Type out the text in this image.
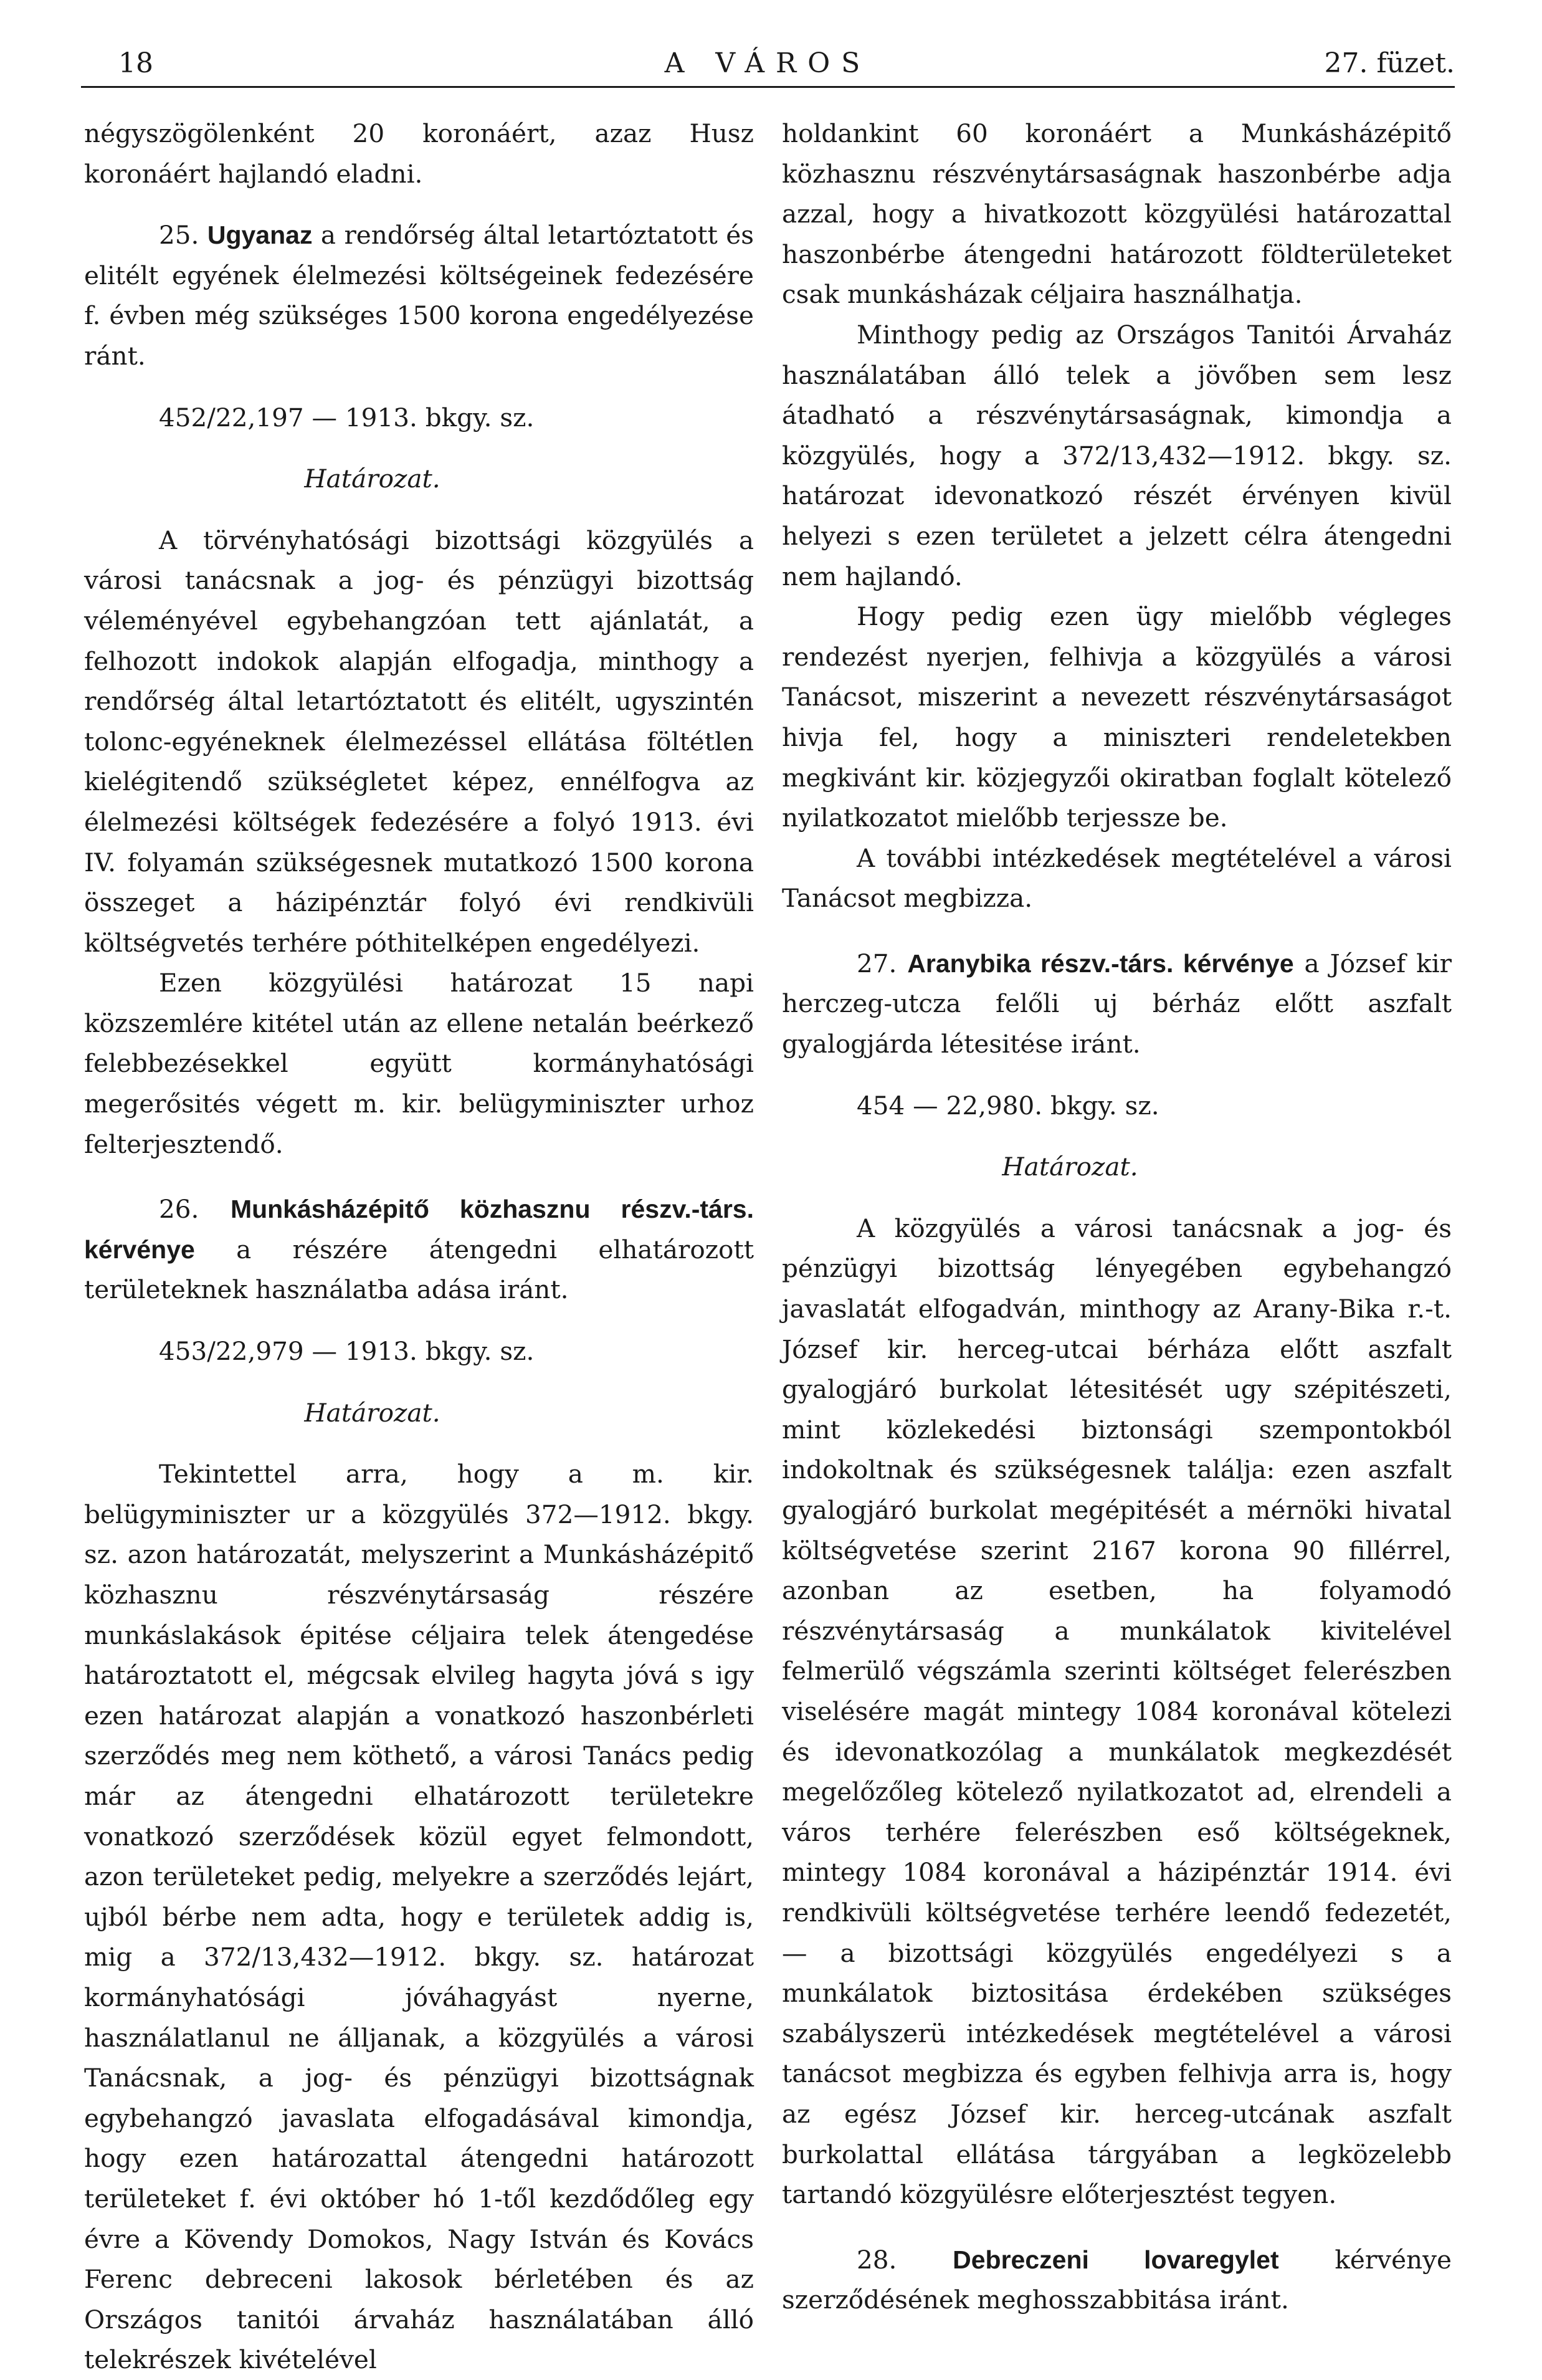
18	A VÁROS	27. füzet.

négyszögölenként 20 koronáért, azaz Husz koronáért hajlandó eladni.

25. Ugyanaz a rendőrség által letartóztatott és elitélt egyének élelmezési költségeinek fedezésére f. évben még szükséges 1500 korona engedélyezése ránt.

452/22,197 — 1913. bkgy. sz.

Határozat.

A törvényhatósági bizottsági közgyülés a városi tanácsnak a jog- és pénzügyi bizottság véleményével egybehangzóan tett ajánlatát, a felhozott indokok alapján elfogadja, minthogy a rendőrség által letartóztatott és elitélt, ugyszintén tolonc-egyéneknek élelmezéssel ellátása föltétlen kielégitendő szükségletet képez, ennélfogva az élelmezési költségek fedezésére a folyó 1913. évi IV. folyamán szükségesnek mutatkozó 1500 korona összeget a házipénztár folyó évi rendkivüli költségvetés terhére póthitelképen engedélyezi.

Ezen közgyülési határozat 15 napi közszemlére kitétel után az ellene netalán beérkező felebbezésekkel együtt kormányhatósági megerősités végett m. kir. belügyminiszter urhoz felterjesztendő.

26. Munkásházépitő közhasznu részv.-társ. kérvénye a részére átengedni elhatározott területeknek használatba adása iránt.

453/22,979 — 1913. bkgy. sz.

Határozat.

Tekintettel arra, hogy a m. kir. belügyminiszter ur a közgyülés 372—1912. bkgy. sz. azon határozatát, melyszerint a Munkásházépitő közhasznu részvénytársaság részére munkáslakások épitése céljaira telek átengedése határoztatott el, mégcsak elvileg hagyta jóvá s igy ezen határozat alapján a vonatkozó haszonbérleti szerződés meg nem köthető, a városi Tanács pedig már az átengedni elhatározott területekre vonatkozó szerződések közül egyet felmondott, azon területeket pedig, melyekre a szerződés lejárt, ujból bérbe nem adta, hogy e területek addig is, mig a 372/13,432—1912. bkgy. sz. határozat kormányhatósági jóváhagyást nyerne, használatlanul ne álljanak, a közgyülés a városi Tanácsnak, a jog- és pénzügyi bizottságnak egybehangzó javaslata elfogadásával kimondja, hogy ezen határozattal átengedni határozott területeket f. évi október hó 1-től kezdődőleg egy évre a Kövendy Domokos, Nagy István és Kovács Ferenc debreceni lakosok bérletében és az Országos tanitói árvaház használatában álló telekrészek kivételével

holdankint 60 koronáért a Munkásházépitő közhasznu részvénytársaságnak haszonbérbe adja azzal, hogy a hivatkozott közgyülési határozattal haszonbérbe átengedni határozott földterületeket csak munkásházak céljaira használhatja.

Minthogy pedig az Országos Tanitói Árvaház használatában álló telek a jövőben sem lesz átadható a részvénytársaságnak, kimondja a közgyülés, hogy a 372/13,432—1912. bkgy. sz. határozat idevonatkozó részét érvényen kivül helyezi s ezen területet a jelzett célra átengedni nem hajlandó.

Hogy pedig ezen ügy mielőbb végleges rendezést nyerjen, felhivja a közgyülés a városi Tanácsot, miszerint a nevezett részvénytársaságot hivja fel, hogy a miniszteri rendeletekben megkivánt kir. közjegyzői okiratban foglalt kötelező nyilatkozatot mielőbb terjessze be.

A további intézkedések megtételével a városi Tanácsot megbizza.

27. Aranybika részv.-társ. kérvénye a József kir herczeg-utcza felőli uj bérház előtt aszfalt gyalogjárda létesitése iránt.

454 — 22,980. bkgy. sz.

Határozat.

A közgyülés a városi tanácsnak a jog- és pénzügyi bizottság lényegében egybehangzó javaslatát elfogadván, minthogy az Arany-Bika r.-t. József kir. herceg-utcai bérháza előtt aszfalt gyalogjáró burkolat létesitését ugy szépitészeti, mint közlekedési biztonsági szempontokból indokoltnak és szükségesnek találja: ezen aszfalt gyalogjáró burkolat megépitését a mérnöki hivatal költségvetése szerint 2167 korona 90 fillérrel, azonban az esetben, ha folyamodó részvénytársaság a munkálatok kivitelével felmerülő végszámla szerinti költséget felerészben viselésére magát mintegy 1084 koronával kötelezi és idevonatkozólag a munkálatok megkezdését megelőzőleg kötelező nyilatkozatot ad, elrendeli a város terhére felerészben eső költségeknek, mintegy 1084 koronával a házipénztár 1914. évi rendkivüli költségvetése terhére leendő fedezetét, — a bizottsági közgyülés engedélyezi s a munkálatok biztositása érdekében szükséges szabályszerü intézkedések megtételével a városi tanácsot megbizza és egyben felhivja arra is, hogy az egész József kir. herceg-utcának aszfalt burkolattal ellátása tárgyában a legközelebb tartandó közgyülésre előterjesztést tegyen.

28. Debreczeni lovaregylet kérvénye szerződésének meghosszabbitása iránt.
